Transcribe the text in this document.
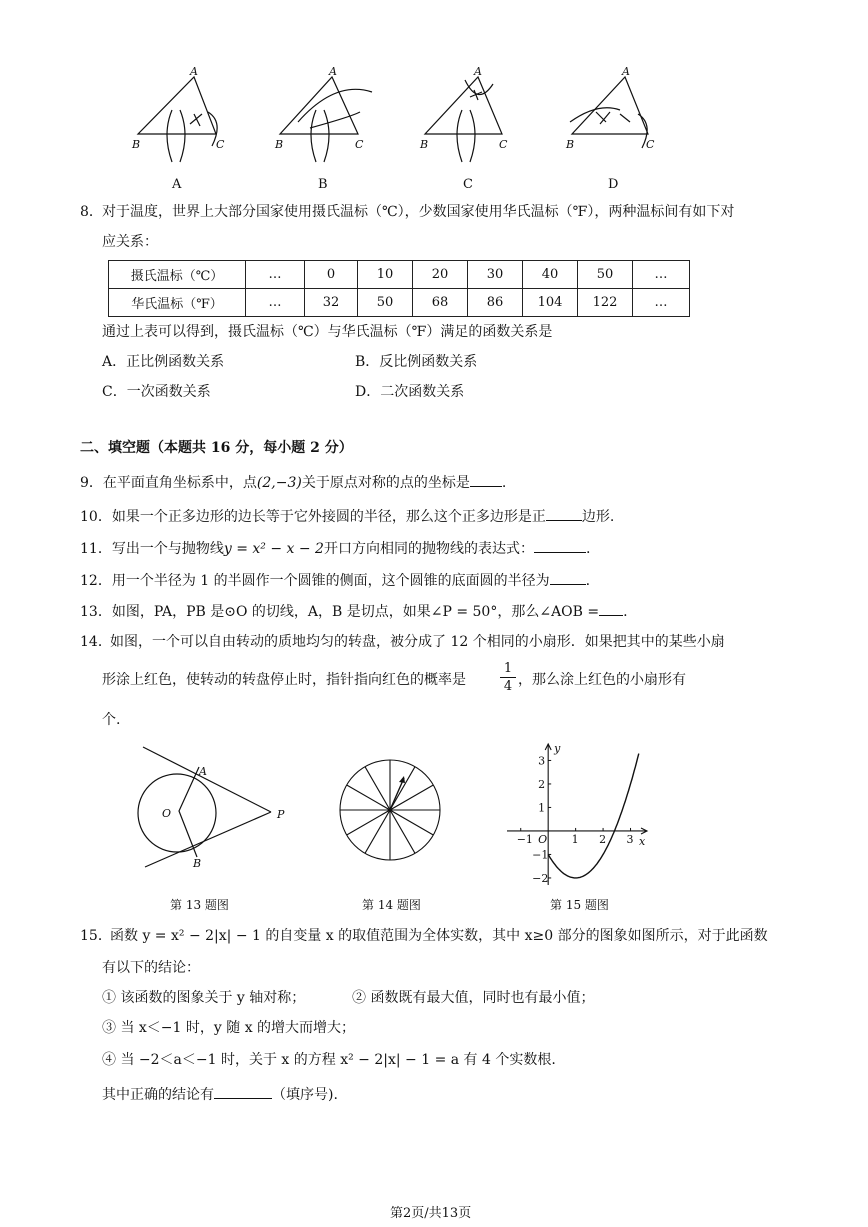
A
B	C
A
B	C
A
B	C
A
B	C
A	B	C	D
8． 对于温度，世界上大部分国家使用摄氏温标（℃），少数国家使用华氏温标（℉），两种温标间有如下对
应关系：
摄氏温标（℃）	…	0	10	20	30	40	50	…
华氏温标（℉）	…	32	50	68	86	104	122	…
通过上表可以得到，摄氏温标（℃）与华氏温标（℉）满足的函数关系是
A．正比例函数关系	B．反比例函数关系
C．一次函数关系	D．二次函数关系
二、填空题（本题共 16 分，每小题 2 分）
9．在平面直角坐标系中，点(2,−3)关于原点对称的点的坐标是 .
10．如果一个正多边形的边长等于它外接圆的半径，那么这个正多边形是正	边形.
11．写出一个与抛物线y = x² − x − 2开口方向相同的抛物线的表达式：	.
12．用一个半径为 1 的半圆作一个圆锥的侧面，这个圆锥的底面圆的半径为	.
13．如图，PA，PB 是⊙O 的切线，A，B 是切点，如果∠P = 50°，那么∠AOB = .
14．
如图，一个可以自由转动的质地均匀的转盘，被分成了 12 个相同的小扇形．如果把其中的某些小扇
形涂上红色，使转动的转盘停止时，指针指向红色的概率是	$\frac{1}{4}$ ，那么涂上红色的小扇形有
个.
O
A
B
P
第 13 题图	第 14 题图
−1	1 2 3
3
2
1
−1
−2
y
x
O
第 15 题图
15．
函数 y = x² − 2|x| − 1 的自变量 x 的取值范围为全体实数，其中 x≥0 部分的图象如图所示，对于此函数
有以下的结论：
① 该函数的图象关于 y 轴对称；	② 函数既有最大值，同时也有最小值；
③ 当 x＜−1 时，y 随 x 的增大而增大；
④ 当 −2＜a＜−1 时，关于 x 的方程 x² − 2|x| − 1 = a 有 4 个实数根.
其中正确的结论有	（填序号).
第2页/共13页
